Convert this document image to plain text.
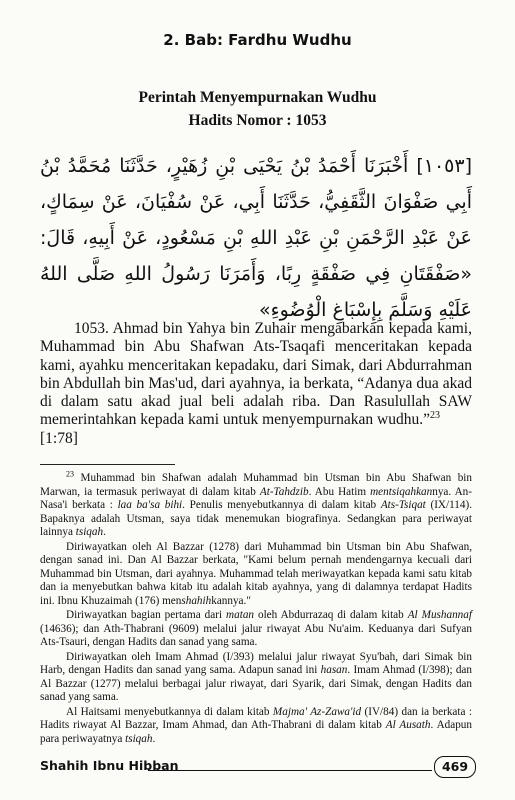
2. Bab: Fardhu Wudhu
Perintah Menyempurnakan Wudhu
Hadits Nomor : 1053
[١٠٥٣] أَخْبَرَنَا أَحْمَدُ بْنُ يَحْيَى بْنِ زُهَيْرٍ، حَدَّثَنَا مُحَمَّدُ بْنُ أَبِي صَفْوَانَ الثَّقَفِيُّ، حَدَّثَنَا أَبِي، عَنْ سُفْيَانَ، عَنْ سِمَاكٍ، عَنْ عَبْدِ الرَّحْمَنِ بْنِ عَبْدِ اللهِ بْنِ مَسْعُودٍ، عَنْ أَبِيهِ، قَالَ: «صَفْقَتَانِ فِي صَفْقَةٍ رِبًا، وَأَمَرَنَا رَسُولُ اللهِ صَلَّى اللهُ عَلَيْهِ وَسَلَّمَ بِإِسْبَاغِ الْوُضُوءِ»
1053. Ahmad bin Yahya bin Zuhair mengabarkan kepada kami, Muhammad bin Abu Shafwan Ats-Tsaqafi menceritakan kepada kami, ayahku menceritakan kepadaku, dari Simak, dari Abdurrahman bin Abdullah bin Mas'ud, dari ayahnya, ia berkata, “Adanya dua akad di dalam satu akad jual beli adalah riba. Dan Rasulullah SAW memerintahkan kepada kami untuk menyempurnakan wudhu.”$^{23}$
[1:78]

$^{23}$ Muhammad bin Shafwan adalah Muhammad bin Utsman bin Abu Shafwan bin Marwan, ia termasuk periwayat di dalam kitab At-Tahdzib. Abu Hatim mentsiqahkannya. An-Nasa'i berkata : laa ba'sa bihi. Penulis menyebutkannya di dalam kitab Ats-Tsiqat (IX/114). Bapaknya adalah Utsman, saya tidak menemukan biografinya. Sedangkan para periwayat lainnya tsiqah.

Diriwayatkan oleh Al Bazzar (1278) dari Muhammad bin Utsman bin Abu Shafwan, dengan sanad ini. Dan Al Bazzar berkata, "Kami belum pernah mendengarnya kecuali dari Muhammad bin Utsman, dari ayahnya. Muhammad telah meriwayatkan kepada kami satu kitab dan ia menyebutkan bahwa kitab itu adalah kitab ayahnya, yang di dalamnya terdapat Hadits ini. Ibnu Khuzaimah (176) menshahihkannya."

Diriwayatkan bagian pertama dari matan oleh Abdurrazaq di dalam kitab Al Mushannaf (14636); dan Ath-Thabrani (9609) melalui jalur riwayat Abu Nu'aim. Keduanya dari Sufyan Ats-Tsauri, dengan Hadits dan sanad yang sama.

Diriwayatkan oleh Imam Ahmad (I/393) melalui jalur riwayat Syu'bah, dari Simak bin Harb, dengan Hadits dan sanad yang sama. Adapun sanad ini hasan. Imam Ahmad (I/398); dan Al Bazzar (1277) melalui berbagai jalur riwayat, dari Syarik, dari Simak, dengan Hadits dan sanad yang sama.

Al Haitsami menyebutkannya di dalam kitab Majma' Az-Zawa'id (IV/84) dan ia berkata : Hadits riwayat Al Bazzar, Imam Ahmad, dan Ath-Thabrani di dalam kitab Al Ausath. Adapun para periwayatnya tsiqah.

Shahih Ibnu Hibban	469
